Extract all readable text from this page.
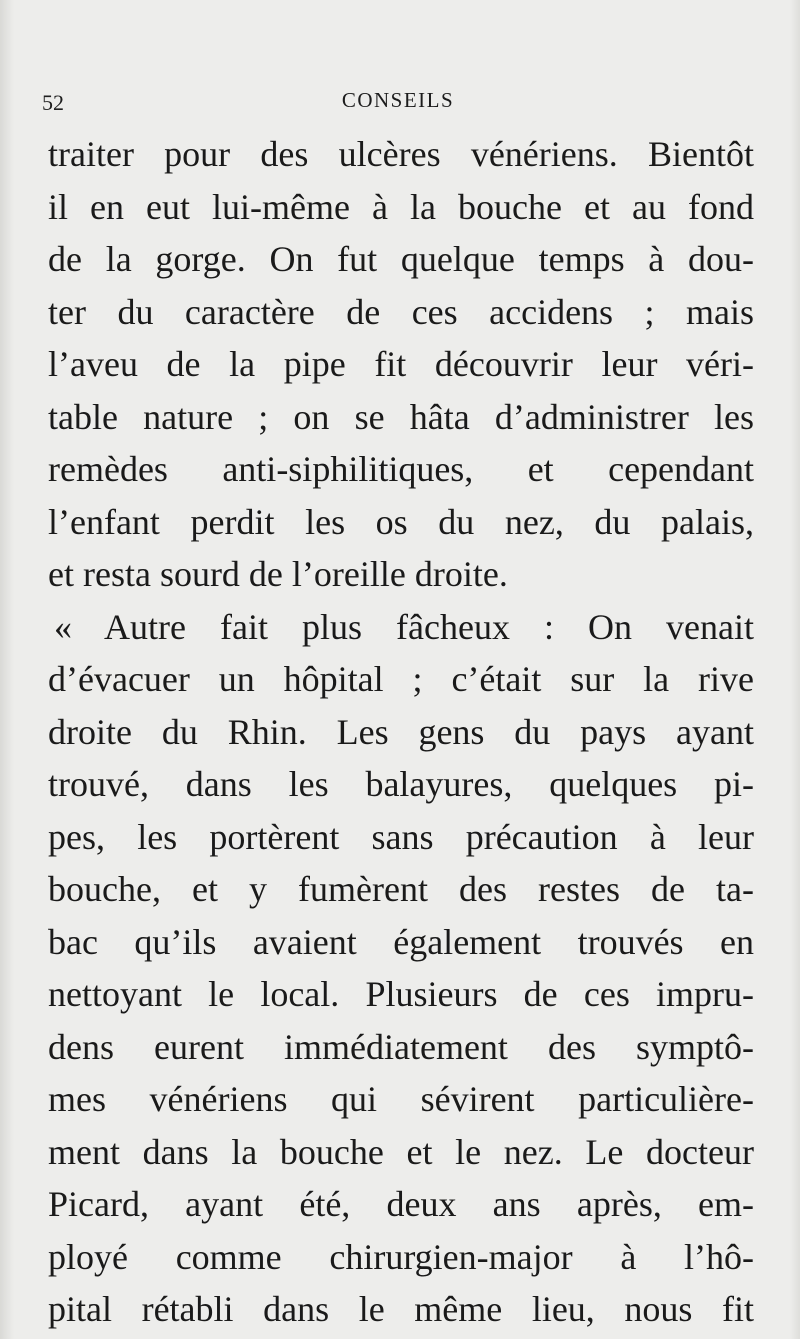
52	CONSEILS
traiter pour des ulcères vénériens. Bientôt
il en eut lui-même à la bouche et au fond
de la gorge. On fut quelque temps à dou-
ter du caractère de ces accidens ; mais
l’aveu de la pipe fit découvrir leur véri-
table nature ; on se hâta d’administrer les
remèdes anti-siphilitiques, et cependant
l’enfant perdit les os du nez, du palais,
et resta sourd de l’oreille droite.
« Autre fait plus fâcheux : On venait
d’évacuer un hôpital ; c’était sur la rive
droite du Rhin. Les gens du pays ayant
trouvé, dans les balayures, quelques pi-
pes, les portèrent sans précaution à leur
bouche, et y fumèrent des restes de ta-
bac qu’ils avaient également trouvés en
nettoyant le local. Plusieurs de ces impru-
dens eurent immédiatement des symptô-
mes vénériens qui sévirent particulière-
ment dans la bouche et le nez. Le docteur
Picard, ayant été, deux ans après, em-
ployé comme chirurgien-major à l’hô-
pital rétabli dans le même lieu, nous fit
